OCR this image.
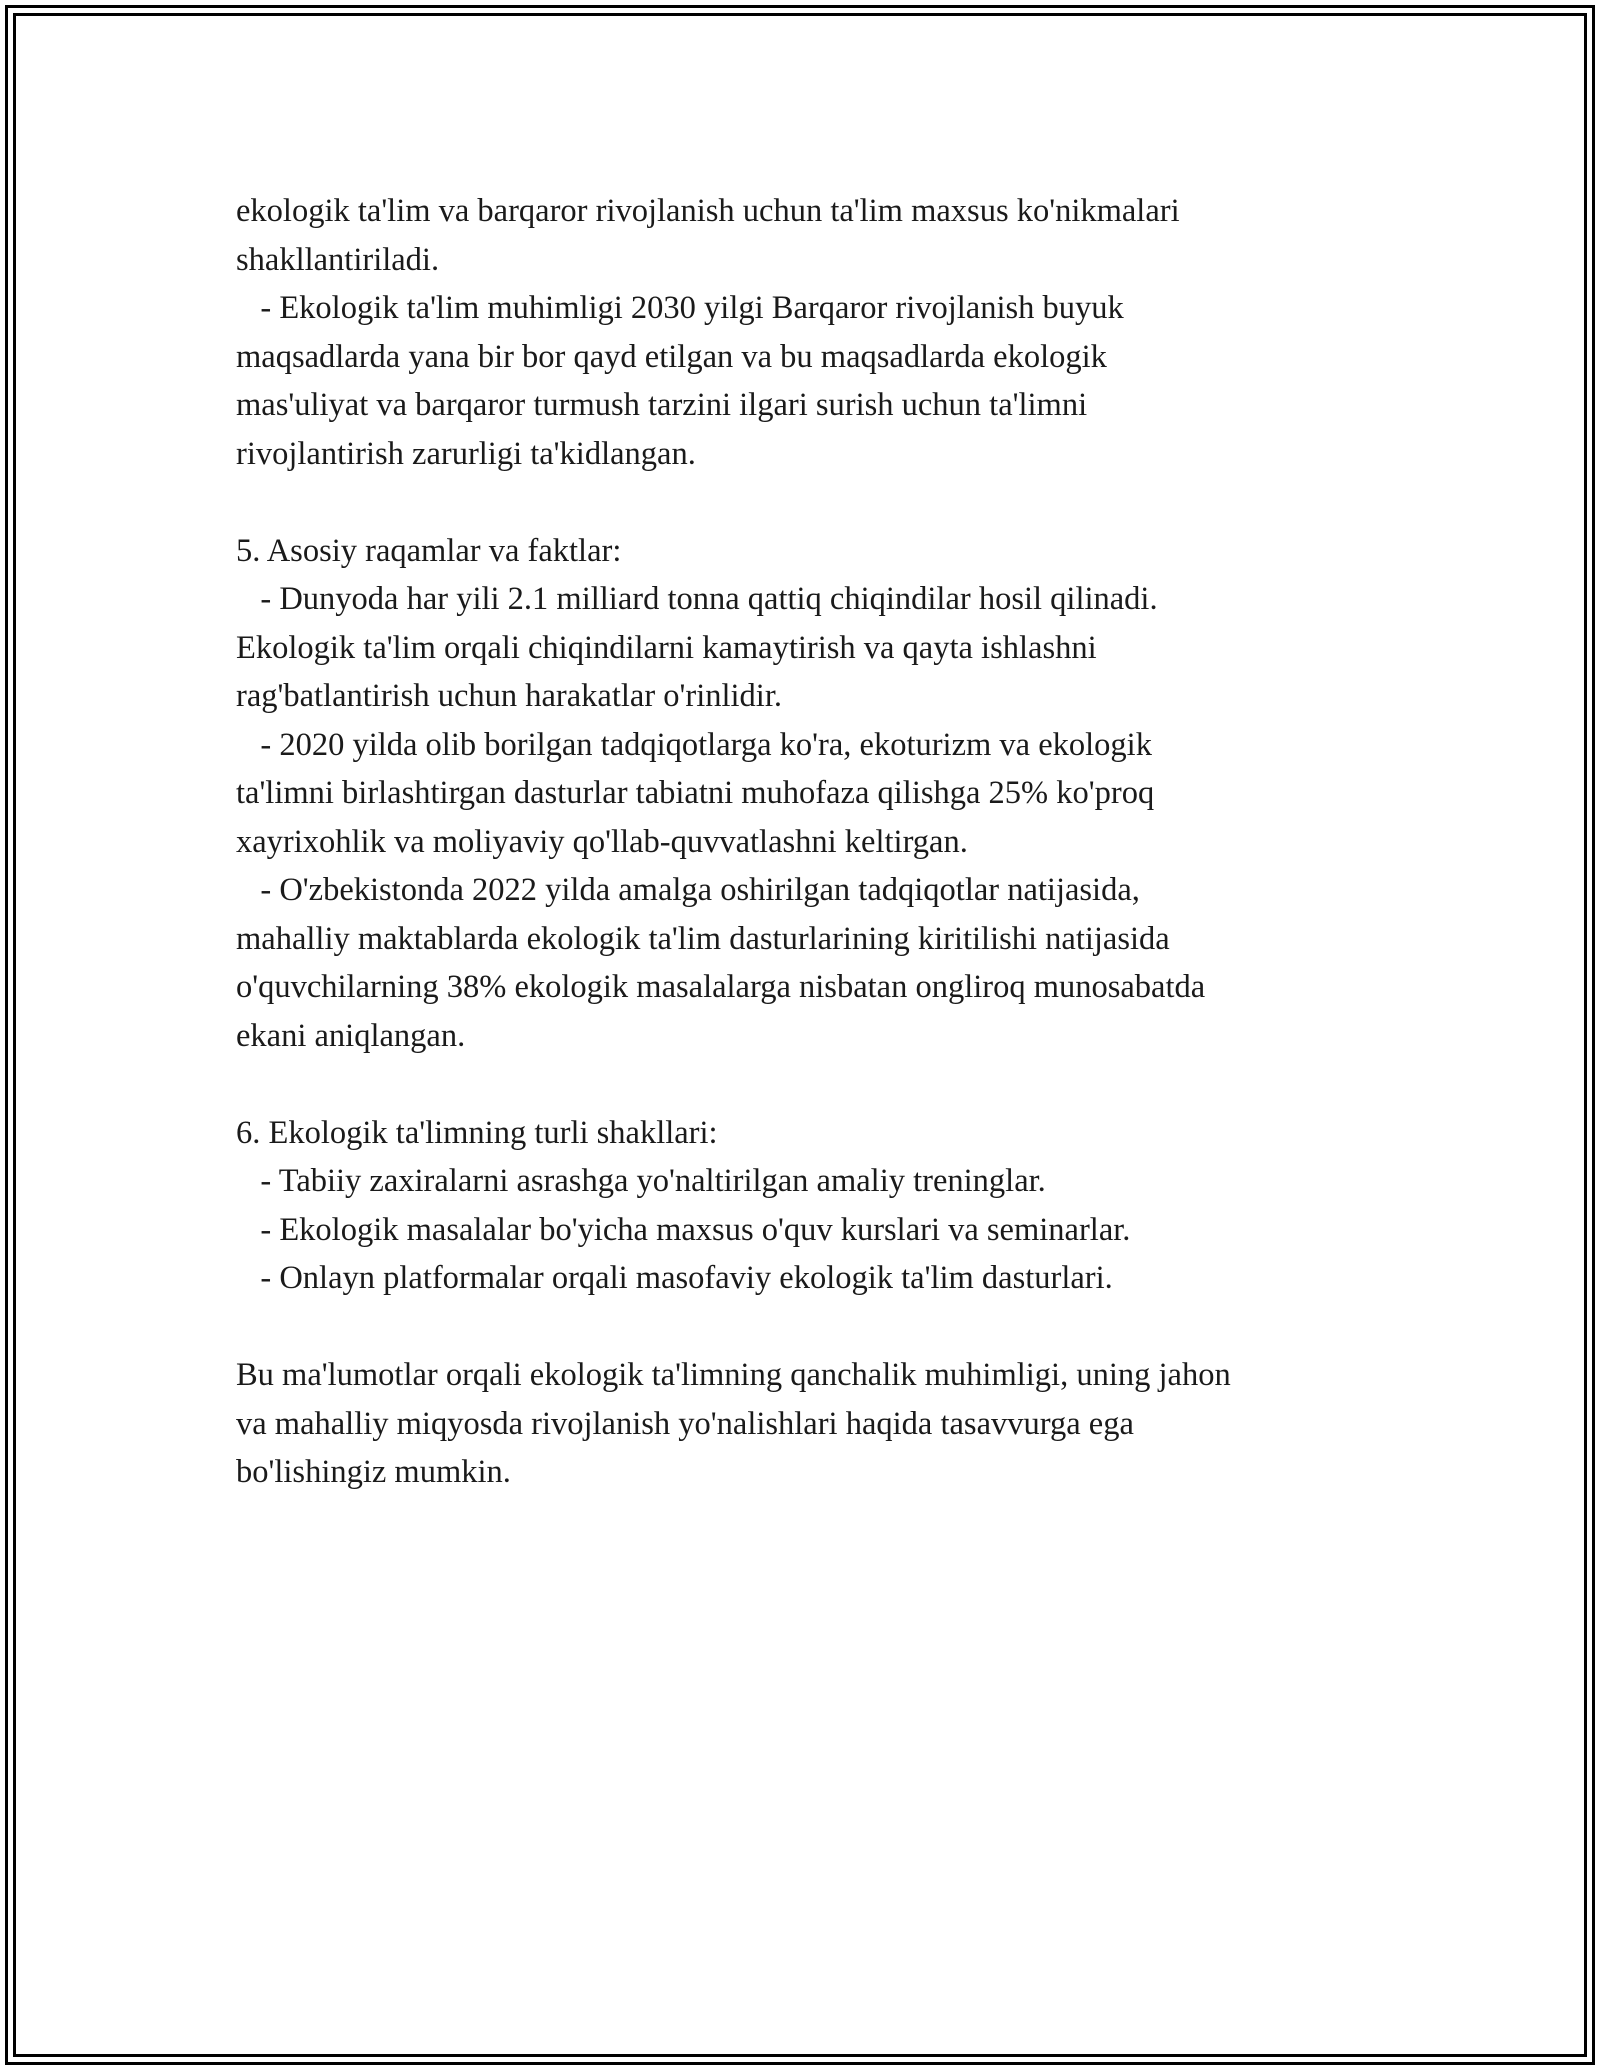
ekologik ta'lim va barqaror rivojlanish uchun ta'lim maxsus ko'nikmalari
shakllantiriladi.
- Ekologik ta'lim muhimligi 2030 yilgi Barqaror rivojlanish buyuk
maqsadlarda yana bir bor qayd etilgan va bu maqsadlarda ekologik
mas'uliyat va barqaror turmush tarzini ilgari surish uchun ta'limni
rivojlantirish zarurligi ta'kidlangan.
5. Asosiy raqamlar va faktlar:
- Dunyoda har yili 2.1 milliard tonna qattiq chiqindilar hosil qilinadi.
Ekologik ta'lim orqali chiqindilarni kamaytirish va qayta ishlashni
rag'batlantirish uchun harakatlar o'rinlidir.
- 2020 yilda olib borilgan tadqiqotlarga ko'ra, ekoturizm va ekologik
ta'limni birlashtirgan dasturlar tabiatni muhofaza qilishga 25% ko'proq
xayrixohlik va moliyaviy qo'llab-quvvatlashni keltirgan.
- O'zbekistonda 2022 yilda amalga oshirilgan tadqiqotlar natijasida,
mahalliy maktablarda ekologik ta'lim dasturlarining kiritilishi natijasida
o'quvchilarning 38% ekologik masalalarga nisbatan ongliroq munosabatda
ekani aniqlangan.
6. Ekologik ta'limning turli shakllari:
- Tabiiy zaxiralarni asrashga yo'naltirilgan amaliy treninglar.
- Ekologik masalalar bo'yicha maxsus o'quv kurslari va seminarlar.
- Onlayn platformalar orqali masofaviy ekologik ta'lim dasturlari.
Bu ma'lumotlar orqali ekologik ta'limning qanchalik muhimligi, uning jahon
va mahalliy miqyosda rivojlanish yo'nalishlari haqida tasavvurga ega
bo'lishingiz mumkin.
